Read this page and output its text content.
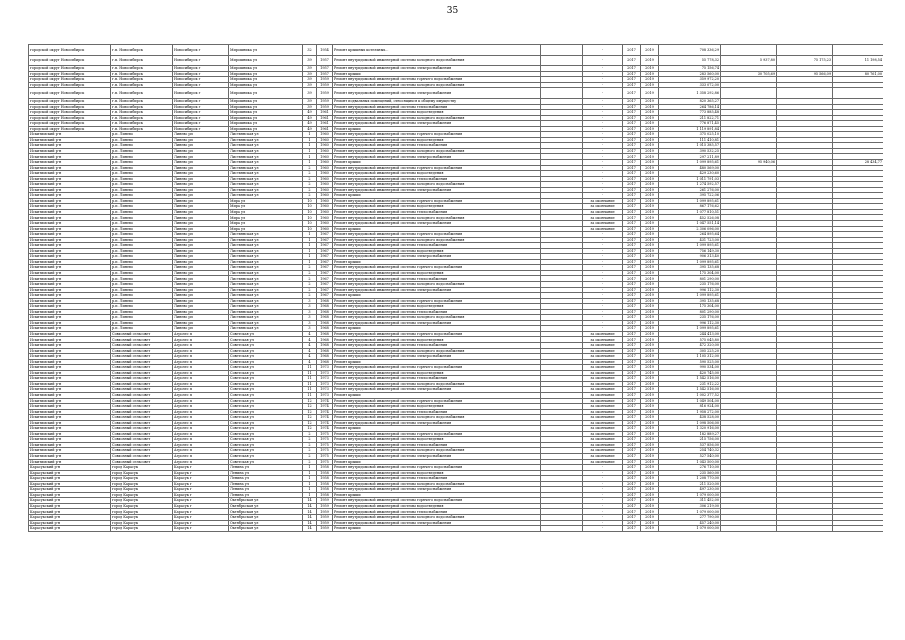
35
городской округ Новосибирск	г.п. Новосибирск	Новосибирск г	Мирошника ул	32	1954	Ремонт крышных котельных...		-	2017	2019	708 336,29			
городской округ Новосибирск	г.п. Новосибирск	Новосибирск г	Мирошника ул	39	1957	Ремонт внутридомовой инженерной системы холодного водоснабжения		-	2017	2019	55 778,32	5 937,80	75 175,23	11 198,54
городской округ Новосибирск	г.п. Новосибирск	Новосибирск г	Мирошника ул	39	1957	Ремонт внутридомовой инженерной системы электроснабжения		-	2017	2019	75 156,74			
городской округ Новосибирск	г.п. Новосибирск	Новосибирск г	Мирошника ул	39	1957	Ремонт крыши		-	2017	2019	283 560,00	30 705,69	95 566,09	80 761,00
городской округ Новосибирск	г.п. Новосибирск	Новосибирск г	Мирошника ул	39	1959	Ремонт внутридомовой инженерной системы горячего водоснабжения		-	2017	2019	359 972,20			
городской округ Новосибирск	г.п. Новосибирск	Новосибирск г	Мирошника ул	39	1959	Ремонт внутридомовой инженерной системы холодного водоснабжения		-	2017	2019	333 072,00			
городской округ Новосибирск	г.п. Новосибирск	Новосибирск г	Мирошника ул	39	1959	Ремонт внутридомовой инженерной системы электроснабжения		-	2017	2019	1 358 292,86			
городской округ Новосибирск	г.п. Новосибирск	Новосибирск г	Мирошника ул	39	1959	Ремонт подвальных помещений, относящихся к общему имуществу		-	2017	2019	820 365,27			
городской округ Новосибирск	г.п. Новосибирск	Новосибирск г	Мирошника ул	39	1959	Ремонт внутридомовой инженерной системы теплоснабжения		-	2017	2019	264 786,14			
городской округ Новосибирск	г.п. Новосибирск	Новосибирск г	Мирошника ул	49	1961	Ремонт внутридомовой инженерной системы водоотведения		-	2017	2019	773 885,48			
городской округ Новосибирск	г.п. Новосибирск	Новосибирск г	Мирошника ул	49	1961	Ремонт внутридомовой инженерной системы холодного водоснабжения		-	2017	2019	211 822,71			
городской округ Новосибирск	г.п. Новосибирск	Новосибирск г	Мирошника ул	49	1961	Ремонт внутридомовой инженерной системы электроснабжения		-	2017	2019	776 871,45			
городской округ Новосибирск	г.п. Новосибирск	Новосибирск г	Мирошника ул	49	1961	Ремонт крыши		-	2017	2019	1 119 891,84			
Искитимский р-н	р.п. Линево	Линево рп	Листвянская ул	1	1960	Ремонт внутридомовой инженерной системы горячего водоснабжения		-	2017	2019	375 025,10			
Искитимский р-н	р.п. Линево	Линево рп	Листвянская ул	1	1960	Ремонт внутридомовой инженерной системы водоотведения		-	2017	2019	111 410,81			
Искитимский р-н	р.п. Линево	Линево рп	Листвянская ул	1	1960	Ремонт внутридомовой инженерной системы теплоснабжения		-	2017	2019	1 015 385,57			
Искитимский р-н	р.п. Линево	Линево рп	Листвянская ул	1	1960	Ремонт внутридомовой инженерной системы холодного водоснабжения		-	2017	2019	390 532,25			
Искитимский р-н	р.п. Линево	Линево рп	Листвянская ул	1	1960	Ремонт внутридомовой инженерной системы электроснабжения		-	2017	2019	297 211,89			
Искитимский р-н	р.п. Линево	Линево рп	Листвянская ул	1	1960	Ремонт крыши		-	2017	2019	1 099 895,61	95 940,06		28 434,77
Искитимский р-н	р.п. Линево	Линево рп	Листвянская ул	2	1960	Ремонт внутридомовой инженерной системы горячего водоснабжения		-	2017	2019	480 569,00			
Искитимский р-н	р.п. Линево	Линево рп	Листвянская ул	2	1960	Ремонт внутридомовой инженерной системы водоотведения		-	2017	2019	429 230,60			
Искитимский р-н	р.п. Линево	Линево рп	Листвянская ул	2	1960	Ремонт внутридомовой инженерной системы теплоснабжения		-	2017	2019	1 011 791,03			
Искитимский р-н	р.п. Линево	Линево рп	Листвянская ул	2	1960	Ремонт внутридомовой инженерной системы холодного водоснабжения		-	2017	2019	1 274 592,57			
Искитимский р-н	р.п. Линево	Линево рп	Листвянская ул	2	1960	Ремонт внутридомовой инженерной системы электроснабжения		-	2017	2019	261 276,00			
Искитимский р-н	р.п. Линево	Линево рп	Листвянская ул	2	1960	Ремонт крыши		-	2017	2019	395 722,06			
Искитимский р-н	р.п. Линево	Линево рп	Мира ул	10	1960	Ремонт внутридомовой инженерной системы горячего водоснабжения		за окончание	2017	2019	1 099 895,61			
Искитимский р-н	р.п. Линево	Линево рп	Мира ул	10	1960	Ремонт внутридомовой инженерной системы водоотведения		за окончание	2017	2019	867 176,62			
Искитимский р-н	р.п. Линево	Линево рп	Мира ул	10	1960	Ремонт внутридомовой инженерной системы теплоснабжения		за окончание	2017	2019	1 077 810,51			
Искитимский р-н	р.п. Линево	Линево рп	Мира ул	10	1960	Ремонт внутридомовой инженерной системы холодного водоснабжения		за окончание	2017	2019	452 526,08			
Искитимский р-н	р.п. Линево	Линево рп	Мира ул	10	1960	Ремонт внутридомовой инженерной системы электроснабжения		за окончание	2017	2019	1 047 551,14			
Искитимский р-н	р.п. Линево	Линево рп	Мира ул	10	1960	Ремонт крыши		за окончание	2017	2019	2 306 096,00			
Искитимский р-н	р.п. Линево	Линево рп	Листвянская ул	1	1967	Ремонт внутридомовой инженерной системы горячего водоснабжения		-	2017	2019	264 895,64			
Искитимский р-н	р.п. Линево	Линево рп	Листвянская ул	1	1967	Ремонт внутридомовой инженерной системы холодного водоснабжения		-	2017	2019	431 723,00			
Искитимский р-н	р.п. Линево	Линево рп	Листвянская ул	1	1967	Ремонт внутридомовой инженерной системы теплоснабжения		-	2017	2019	1 099 895,61			
Искитимский р-н	р.п. Линево	Линево рп	Листвянская ул	1	1967	Ремонт внутридомовой инженерной системы водоотведения		-	2017	2019	756 149,30			
Искитимский р-н	р.п. Линево	Линево рп	Листвянская ул	1	1967	Ремонт внутридомовой инженерной системы электроснабжения		-	2017	2019	906 313,40			
Искитимский р-н	р.п. Линево	Линево рп	Листвянская ул	1	1967	Ремонт крыши		-	2017	2019	1 099 895,61			
Искитимский р-н	р.п. Линево	Линево рп	Листвянская ул	2	1967	Ремонт внутридомовой инженерной системы горячего водоснабжения		-	2017	2019	395 135,68			
Искитимский р-н	р.п. Линево	Линево рп	Листвянская ул	2	1967	Ремонт внутридомовой инженерной системы водоотведения		-	2017	2019	175 304,00			
Искитимский р-н	р.п. Линево	Линево рп	Листвянская ул	2	1967	Ремонт внутридомовой инженерной системы теплоснабжения		-	2017	2019	801 290,00			
Искитимский р-н	р.п. Линево	Линево рп	Листвянская ул	2	1967	Ремонт внутридомовой инженерной системы холодного водоснабжения		-	2017	2019	235 176,00			
Искитимский р-н	р.п. Линево	Линево рп	Листвянская ул	2	1967	Ремонт внутридомовой инженерной системы электроснабжения		-	2017	2019	996 112,30			
Искитимский р-н	р.п. Линево	Линево рп	Листвянская ул	2	1967	Ремонт крыши		-	2017	2019	1 099 895,61			
Искитимский р-н	р.п. Линево	Линево рп	Листвянская ул	3	1968	Ремонт внутридомовой инженерной системы горячего водоснабжения		-	2017	2019	395 135,68			
Искитимский р-н	р.п. Линево	Линево рп	Листвянская ул	3	1968	Ремонт внутридомовой инженерной системы водоотведения		-	2017	2019	175 304,00			
Искитимский р-н	р.п. Линево	Линево рп	Листвянская ул	3	1968	Ремонт внутридомовой инженерной системы теплоснабжения		-	2017	2019	801 290,00			
Искитимский р-н	р.п. Линево	Линево рп	Листвянская ул	3	1968	Ремонт внутридомовой инженерной системы холодного водоснабжения		-	2017	2019	235 176,00			
Искитимский р-н	р.п. Линево	Линево рп	Листвянская ул	3	1968	Ремонт внутридомовой инженерной системы электроснабжения		-	2017	2019	996 112,30			
Искитимский р-н	р.п. Линево	Линево рп	Листвянская ул	3	1968	Ремонт крыши		-	2017	2019	1 099 895,61			
Искитимский р-н	Совхозный сельсовет	Агролес п	Советская ул	4	1968	Ремонт внутридомовой инженерной системы горячего водоснабжения		за окончание	2017	2019	244 413,00			
Искитимский р-н	Совхозный сельсовет	Агролес п	Советская ул	4	1968	Ремонт внутридомовой инженерной системы водоотведения		за окончание	2017	2019	575 045,80			
Искитимский р-н	Совхозный сельсовет	Агролес п	Советская ул	4	1968	Ремонт внутридомовой инженерной системы теплоснабжения		за окончание	2017	2019	472 320,00			
Искитимский р-н	Совхозный сельсовет	Агролес п	Советская ул	4	1968	Ремонт внутридомовой инженерной системы холодного водоснабжения		за окончание	2017	2019	305 225,20			
Искитимский р-н	Совхозный сельсовет	Агролес п	Советская ул	4	1968	Ремонт внутридомовой инженерной системы электроснабжения		за окончание	2017	2019	1 105 312,00			
Искитимский р-н	Совхозный сельсовет	Агролес п	Советская ул	4	1968	Ремонт крыши		за окончание	2017	2019	590 525,00			
Искитимский р-н	Совхозный сельсовет	Агролес п	Советская ул	11	1973	Ремонт внутридомовой инженерной системы горячего водоснабжения		за окончание	2017	2019	990 534,00			
Искитимский р-н	Совхозный сельсовет	Агролес п	Советская ул	11	1973	Ремонт внутридомовой инженерной системы водоотведения		за окончание	2017	2019	420 745,00			
Искитимский р-н	Совхозный сельсовет	Агролес п	Советская ул	11	1973	Ремонт внутридомовой инженерной системы теплоснабжения		за окончание	2017	2019	1 542 516,00			
Искитимский р-н	Совхозный сельсовет	Агролес п	Советская ул	11	1973	Ремонт внутридомовой инженерной системы холодного водоснабжения		за окончание	2017	2019	231 912,22			
Искитимский р-н	Совхозный сельсовет	Агролес п	Советская ул	11	1973	Ремонт внутридомовой инженерной системы электроснабжения		за окончание	2017	2019	1 542 516,00			
Искитимский р-н	Совхозный сельсовет	Агролес п	Советская ул	11	1973	Ремонт крыши		за окончание	2017	2019	1 002 377,52			
Искитимский р-н	Совхозный сельсовет	Агролес п	Советская ул	12	1974	Ремонт внутридомовой инженерной системы горячего водоснабжения		за окончание	2017	2019	1 049 504,00			
Искитимский р-н	Совхозный сельсовет	Агролес п	Советская ул	12	1974	Ремонт внутридомовой инженерной системы водоотведения		за окончание	2017	2019	816 924,00			
Искитимский р-н	Совхозный сельсовет	Агролес п	Советская ул	12	1974	Ремонт внутридомовой инженерной системы теплоснабжения		за окончание	2017	2019	1 958 272,00			
Искитимский р-н	Совхозный сельсовет	Агролес п	Советская ул	12	1974	Ремонт внутридомовой инженерной системы холодного водоснабжения		за окончание	2017	2019	438 528,00			
Искитимский р-н	Совхозный сельсовет	Агролес п	Советская ул	12	1974	Ремонт внутридомовой инженерной системы электроснабжения		за окончание	2017	2019	1 098 506,00			
Искитимский р-н	Совхозный сельсовет	Агролес п	Советская ул	12	1974	Ремонт крыши		за окончание	2017	2019	1 320 916,00			
Искитимский р-н	Совхозный сельсовет	Агролес п	Советская ул	2	1975	Ремонт внутридомовой инженерной системы горячего водоснабжения		за окончание	2017	2019	182 889,27			
Искитимский р-н	Совхозный сельсовет	Агролес п	Советская ул	2	1975	Ремонт внутридомовой инженерной системы водоотведения		за окончание	2017	2019	215 756,00			
Искитимский р-н	Совхозный сельсовет	Агролес п	Советская ул	2	1975	Ремонт внутридомовой инженерной системы теплоснабжения		за окончание	2017	2019	537 856,00			
Искитимский р-н	Совхозный сельсовет	Агролес п	Советская ул	2	1975	Ремонт внутридомовой инженерной системы холодного водоснабжения		за окончание	2017	2019	254 740,32			
Искитимский р-н	Совхозный сельсовет	Агролес п	Советская ул	2	1975	Ремонт внутридомовой инженерной системы электроснабжения		за окончание	2017	2019	527 540,00			
Искитимский р-н	Совхозный сельсовет	Агролес п	Советская ул	2	1975	Ремонт крыши		за окончание	2017	2019	1 043 500,00			
Карасукский р-н	город Карасук	Карасук г	Ленина ул	1	1958	Ремонт внутридомовой инженерной системы горячего водоснабжения		-	2017	2019	276 710,00			
Карасукский р-н	город Карасук	Карасук г	Ленина ул	1	1958	Ремонт внутридомовой инженерной системы водоотведения		-	2017	2019	235 560,00			
Карасукский р-н	город Карасук	Карасук г	Ленина ул	1	1958	Ремонт внутридомовой инженерной системы теплоснабжения		-	2017	2019	1 208 770,00			
Карасукский р-н	город Карасук	Карасук г	Ленина ул	1	1958	Ремонт внутридомовой инженерной системы холодного водоснабжения		-	2017	2019	211 520,00			
Карасукский р-н	город Карасук	Карасук г	Ленина ул	1	1958	Ремонт внутридомовой инженерной системы электроснабжения		-	2017	2019	497 230,00			
Карасукский р-н	город Карасук	Карасук г	Ленина ул	1	1958	Ремонт крыши		-	2017	2019	1 079 000,00			
Карасукский р-н	город Карасук	Карасук г	Октябрьская ул	14	1959	Ремонт внутридомовой инженерной системы горячего водоснабжения		-	2017	2019	311 452,00			
Карасукский р-н	город Карасук	Карасук г	Октябрьская ул	14	1959	Ремонт внутридомовой инженерной системы водоотведения		-	2017	2019	306 219,00			
Карасукский р-н	город Карасук	Карасук г	Октябрьская ул	14	1959	Ремонт внутридомовой инженерной системы теплоснабжения		-	2017	2019	1 079 000,00			
Карасукский р-н	город Карасук	Карасук г	Октябрьская ул	14	1959	Ремонт внутридомовой инженерной системы холодного водоснабжения		-	2017	2019	277 790,00			
Карасукский р-н	город Карасук	Карасук г	Октябрьская ул	14	1959	Ремонт внутридомовой инженерной системы электроснабжения		-	2017	2019	457 240,00			
Карасукский р-н	город Карасук	Карасук г	Октябрьская ул	14	1959	Ремонт крыши		-	2017	2019	1 079 000,00			
